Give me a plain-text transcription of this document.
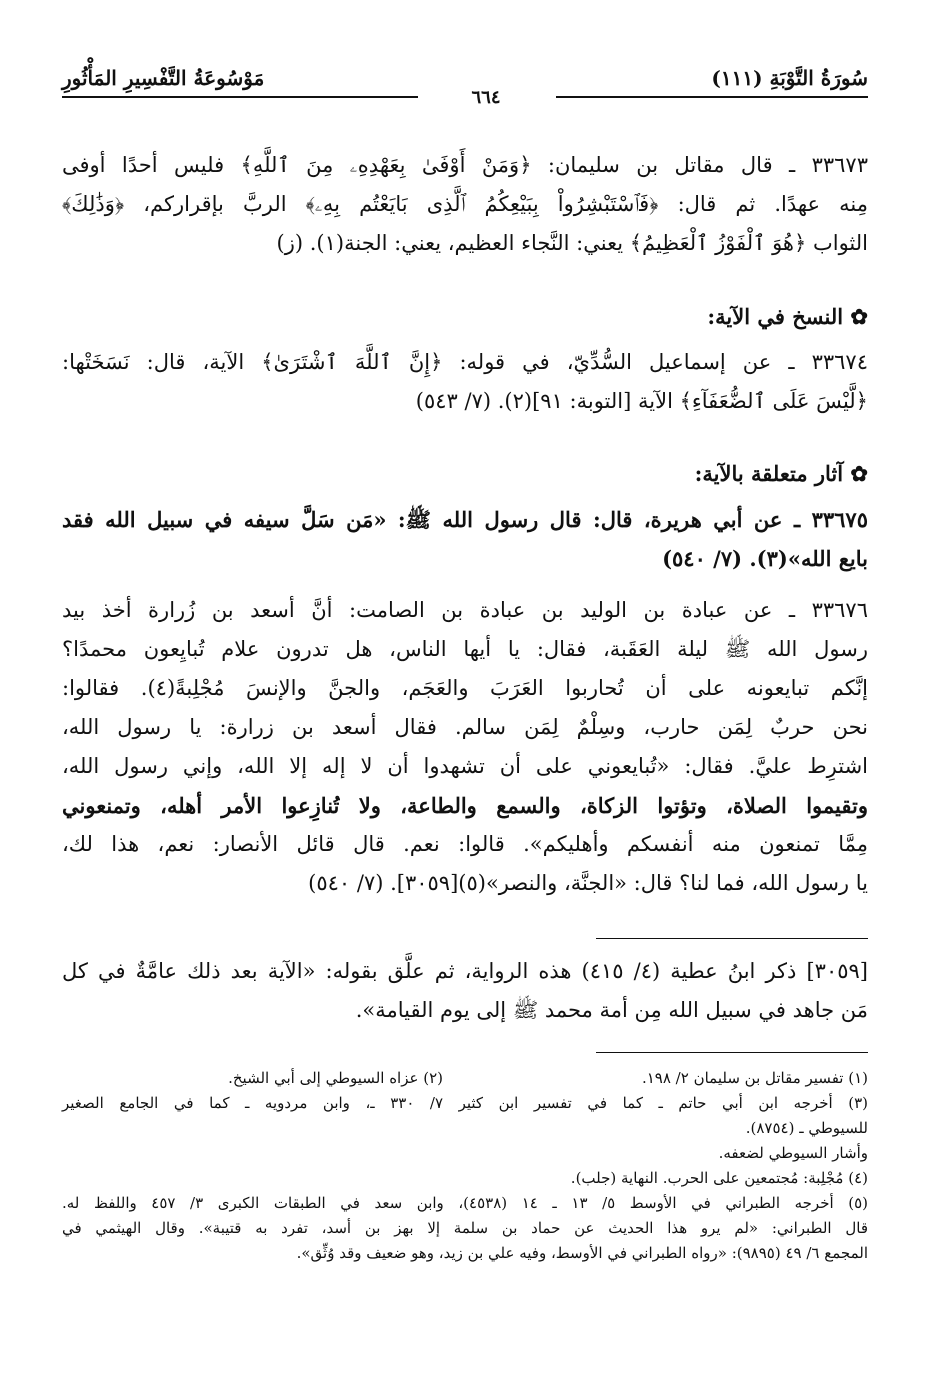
سُورَةُ التَّوْبَةِ (١١١)
مَوْسُوعَةُ التَّفْسِيرِ المَأْثُورِ
٦٦٤

٣٣٦٧٣ ـ قال مقاتل بن سليمان: ﴿وَمَنْ أَوْفَىٰ بِعَهْدِهِۦ مِنَ ٱللَّهِ﴾ فليس أحدًا أوفى

مِنه عهدًا. ثم قال: ﴿فَٱسْتَبْشِرُواْ بِبَيْعِكُمُ ٱلَّذِى بَايَعْتُم بِهِۦ﴾ الربَّ بإقراركم، ﴿وَذَٰلِكَ﴾

الثواب ﴿هُوَ ٱلْفَوْزُ ٱلْعَظِيمُ﴾ يعني: النَّجاء العظيم، يعني: الجنة(١). (ز)

✿ النسخ في الآية:

٣٣٦٧٤ ـ عن إسماعيل السُّدِّيّ، في قوله: ﴿إِنَّ ٱللَّهَ ٱشْتَرَىٰ﴾ الآية، قال: نَسَخَتْها:

﴿لَّيْسَ عَلَى ٱلضُّعَفَآءِ﴾ الآية [التوبة: ٩١](٢). (٧/ ٥٤٣)

✿ آثار متعلقة بالآية:

٣٣٦٧٥ ـ عن أبي هريرة، قال: قال رسول الله ﷺ: «مَن سَلَّ سيفه في سبيل الله فقد

بايع الله»(٣). (٧/ ٥٤٠)

٣٣٦٧٦ ـ عن عبادة بن الوليد بن عبادة بن الصامت: أنَّ أسعد بن زُرارة أخذ بيد

رسول الله ﷺ ليلة العَقَبة، فقال: يا أيها الناس، هل تدرون علام تُبايِعون محمدًا؟

إنَّكم تبايعونه على أن تُحاربوا العَرَبَ والعَجَم، والجنَّ والإنسَ مُجْلِبةً(٤). فقالوا:

نحن حربٌ لِمَن حارب، وسِلْمٌ لِمَن سالم. فقال أسعد بن زرارة: يا رسول الله،

اشترِط عليَّ. فقال: «تُبايعوني على أن تشهدوا أن لا إله إلا الله، وإني رسول الله،

وتقيموا الصلاة، وتؤتوا الزكاة، والسمع والطاعة، ولا تُنازِعوا الأمر أهله، وتمنعوني

مِمَّا تمنعون منه أنفسكم وأهليكم». قالوا: نعم. قال قائل الأنصار: نعم، هذا لك،

يا رسول الله، فما لنا؟ قال: «الجنَّة، والنصر»(٥)[٣٠٥٩]. (٧/ ٥٤٠)

[٣٠٥٩] ذكر ابنُ عطية (٤/ ٤١٥) هذه الرواية، ثم علَّق بقوله: «الآية بعد ذلك عامَّةٌ في كل

مَن جاهد في سبيل الله مِن أمة محمد ﷺ إلى يوم القيامة».

(١) تفسير مقاتل بن سليمان ٢/ ١٩٨.

(٢) عزاه السيوطي إلى أبي الشيخ.

(٣) أخرجه ابن أبي حاتم ـ كما في تفسير ابن كثير ٧/ ٣٣٠ ـ، وابن مردويه ـ كما في الجامع الصغير

للسيوطي ـ (٨٧٥٤).

وأشار السيوطي لضعفه.

(٤) مُجْلِبة: مُجتمعين على الحرب. النهاية (جلب).

(٥) أخرجه الطبراني في الأوسط ٥/ ١٣ ـ ١٤ (٤٥٣٨)، وابن سعد في الطبقات الكبرى ٣/ ٤٥٧ واللفظ له.

قال الطبراني: «لم يرو هذا الحديث عن حماد بن سلمة إلا بهز بن أسد، تفرد به قتيبة». وقال الهيثمي في

المجمع ٦/ ٤٩ (٩٨٩٥): «رواه الطبراني في الأوسط، وفيه علي بن زيد، وهو ضعيف وقد وُثِّق».
